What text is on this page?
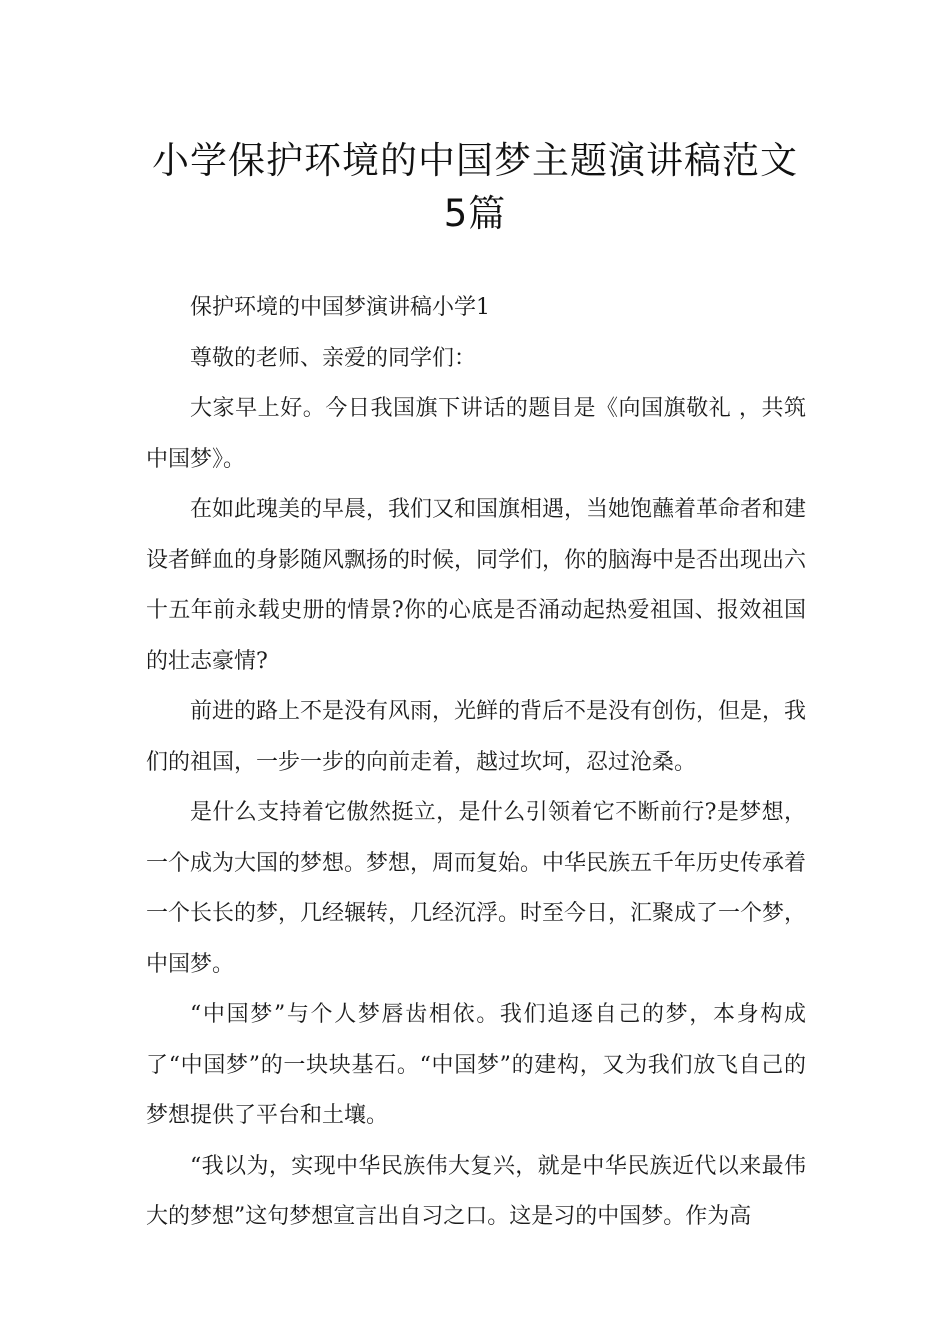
小学保护环境的中国梦主题演讲稿范文
5篇

保护环境的中国梦演讲稿小学1

尊敬的老师、亲爱的同学们：

大家早上好。今日我国旗下讲话的题目是《向国旗敬礼 ，共筑中国梦》。

在如此瑰美的早晨，我们又和国旗相遇，当她饱蘸着革命者和建设者鲜血的身影随风飘扬的时候，同学们，你的脑海中是否出现出六十五年前永载史册的情景?你的心底是否涌动起热爱祖国、报效祖国的壮志豪情?

前进的路上不是没有风雨，光鲜的背后不是没有创伤，但是，我们的祖国，一步一步的向前走着，越过坎坷，忍过沧桑。

是什么支持着它傲然挺立，是什么引领着它不断前行?是梦想，一个成为大国的梦想。梦想，周而复始。中华民族五千年历史传承着一个长长的梦，几经辗转，几经沉浮。时至今日，汇聚成了一个梦，中国梦。

“中国梦”与个人梦唇齿相依。我们追逐自己的梦，本身构成了“中国梦”的一块块基石。“中国梦”的建构，又为我们放飞自己的梦想提供了平台和土壤。

“我以为，实现中华民族伟大复兴，就是中华民族近代以来最伟大的梦想”这句梦想宣言出自习之口。这是习的中国梦。作为高
